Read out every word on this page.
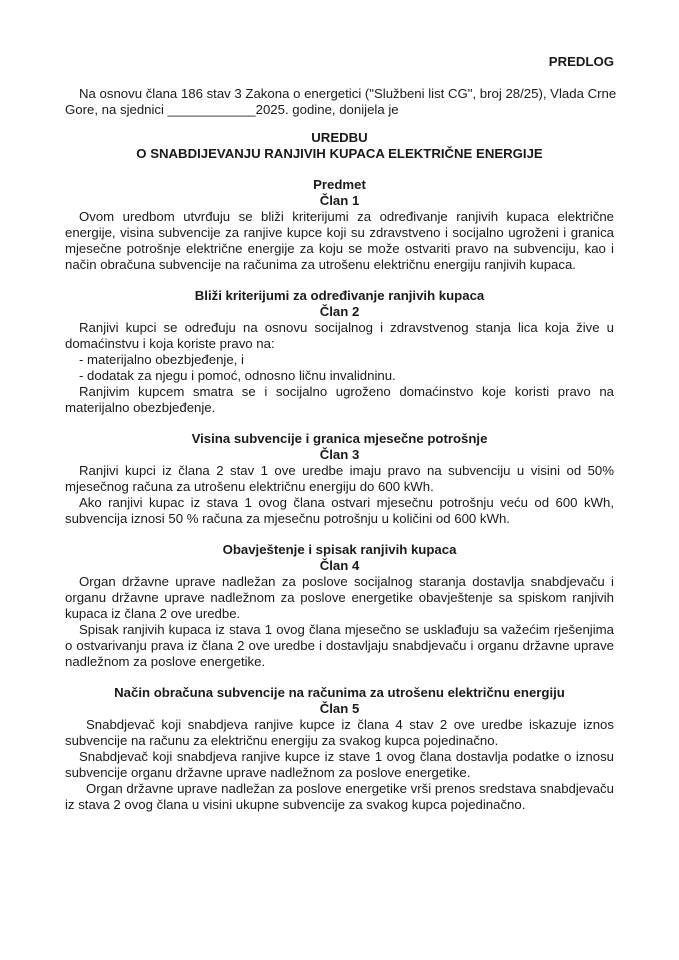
PREDLOG
Na osnovu člana 186 stav 3 Zakona o energetici ("Službeni list CG", broj 28/25), Vlada Crne
Gore, na sjednici ____________2025. godine, donijela je
UREDBU
O SNABDIJEVANJU RANJIVIH KUPACA ELEKTRIČNE ENERGIJE
Predmet
Član 1
Ovom uredbom utvrđuju se bliži kriterijumi za određivanje ranjivih kupaca električne
energije, visina subvencije za ranjive kupce koji su zdravstveno i socijalno ugroženi i granica
mjesečne potrošnje električne energije za koju se može ostvariti pravo na subvenciju, kao i
način obračuna subvencije na računima za utrošenu električnu energiju ranjivih kupaca.
Bliži kriterijumi za određivanje ranjivih kupaca
Član 2
Ranjivi kupci se određuju na osnovu socijalnog i zdravstvenog stanja lica koja žive u
domaćinstvu i koja koriste pravo na:
- materijalno obezbjeđenje, i
- dodatak za njegu i pomoć, odnosno ličnu invalidninu.
Ranjivim kupcem smatra se i socijalno ugroženo domaćinstvo koje koristi pravo na
materijalno obezbjeđenje.
Visina subvencije i granica mjesečne potrošnje
Član 3
Ranjivi kupci iz člana 2 stav 1 ove uredbe imaju pravo na subvenciju u visini od 50%
mjesečnog računa za utrošenu električnu energiju do 600 kWh.
Ako ranjivi kupac iz stava 1 ovog člana ostvari mjesečnu potrošnju veću od 600 kWh,
subvencija iznosi 50 % računa za mjesečnu potrošnju u količini od 600 kWh.
Obavještenje i spisak ranjivih kupaca
Član 4
Organ državne uprave nadležan za poslove socijalnog staranja dostavlja snabdjevaču i
organu državne uprave nadležnom za poslove energetike obavještenje sa spiskom ranjivih
kupaca iz člana 2 ove uredbe.
Spisak ranjivih kupaca iz stava 1 ovog člana mjesečno se usklađuju sa važećim rješenjima
o ostvarivanju prava iz člana 2 ove uredbe i dostavljaju snabdjevaču i organu državne uprave
nadležnom za poslove energetike.
Način obračuna subvencije na računima za utrošenu električnu energiju
Član 5
Snabdjevač koji snabdjeva ranjive kupce iz člana 4 stav 2 ove uredbe iskazuje iznos
subvencije na računu za električnu energiju za svakog kupca pojedinačno.
Snabdjevač koji snabdjeva ranjive kupce iz stave 1 ovog člana dostavlja podatke o iznosu
subvencije organu državne uprave nadležnom za poslove energetike.
Organ državne uprave nadležan za poslove energetike vrši prenos sredstava snabdjevaču
iz stava 2 ovog člana u visini ukupne subvencije za svakog kupca pojedinačno.
